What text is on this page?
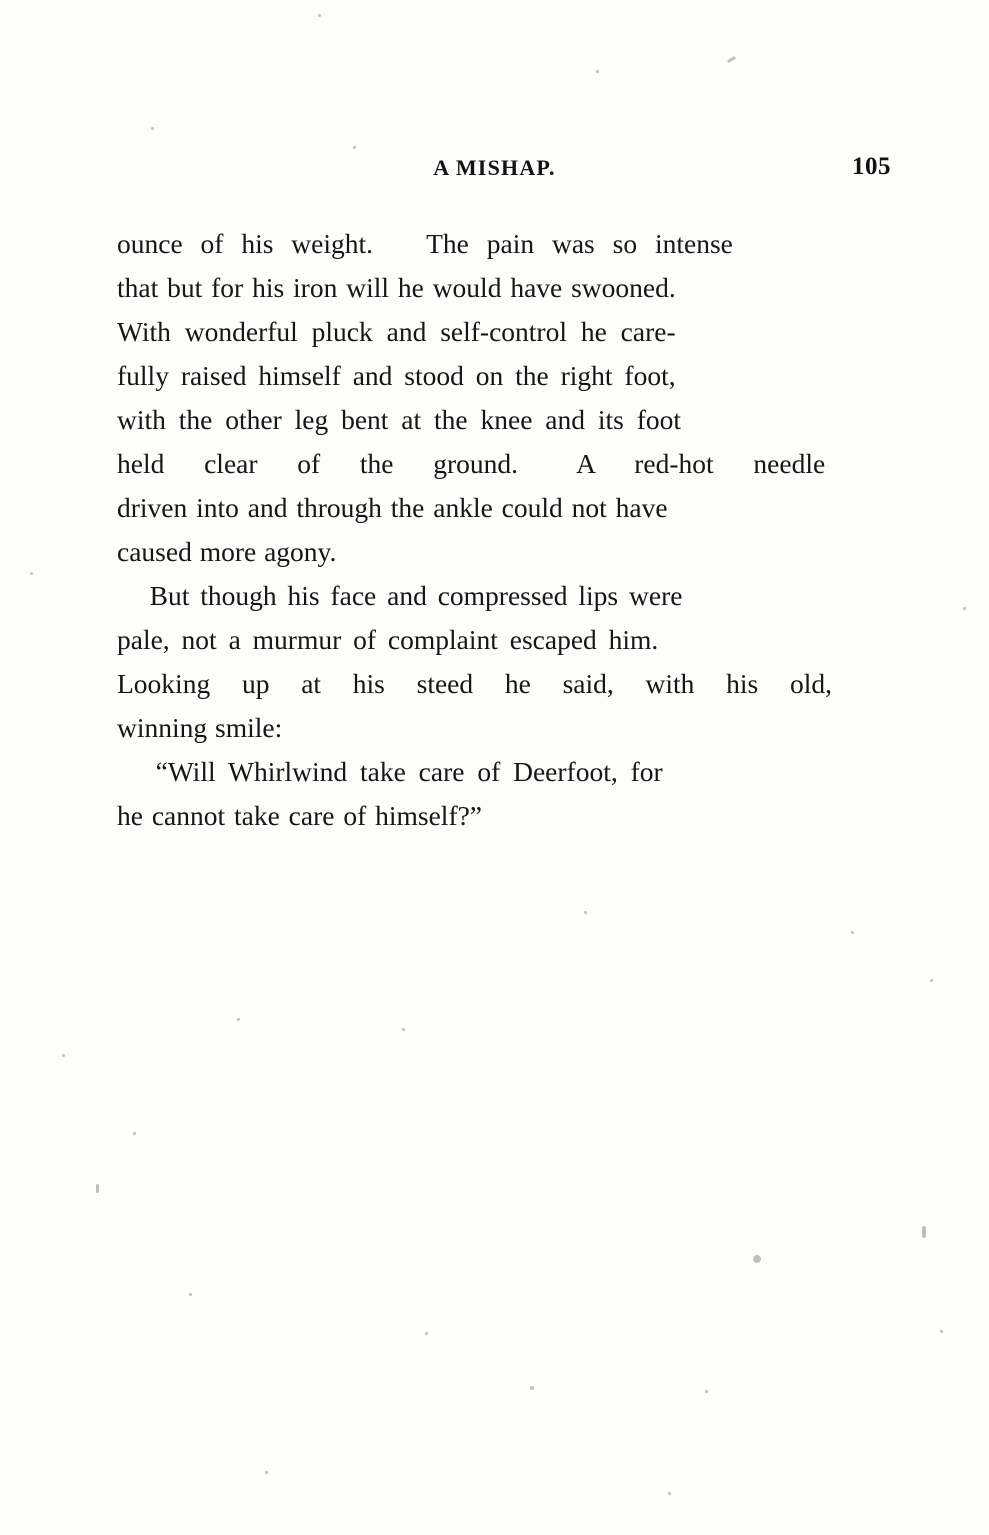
A MISHAP.	105
ounce of his weight.   The pain was so intense
that but for his iron will he would have swooned.
With wonderful pluck and self-control he care-
fully raised himself and stood on the right foot,
with the other leg bent at the knee and its foot
held  clear  of  the  ground.   A  red-hot  needle
driven into and through the ankle could not have
caused more agony.
But though his face and compressed lips were
pale, not a murmur of complaint escaped him.
Looking  up  at  his  steed  he  said,  with  his  old,
winning smile:
“Will Whirlwind take care of Deerfoot, for
he cannot take care of himself?”
